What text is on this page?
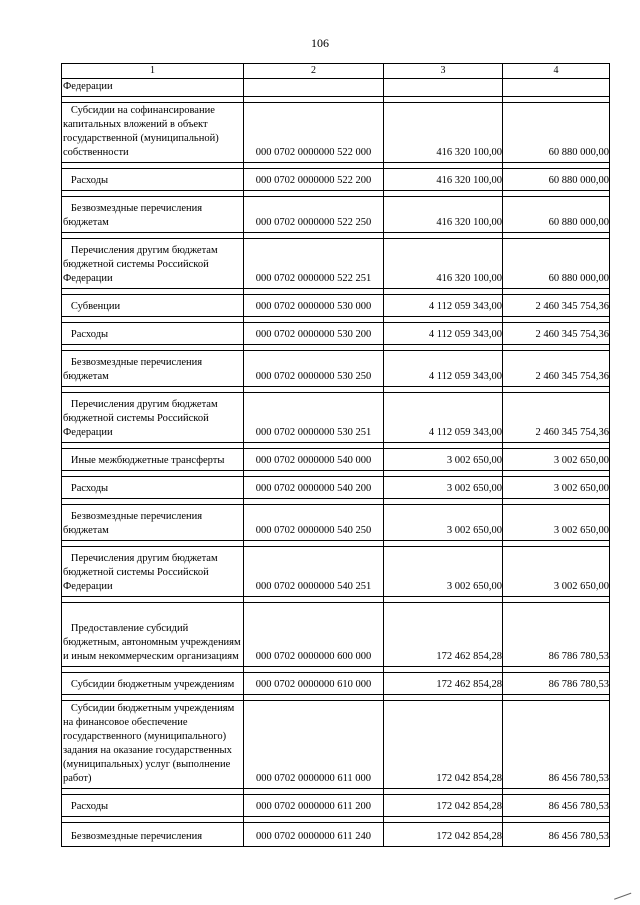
106
1	2	3	4
Федерации			

Субсидии на софинансирование капитальных вложений в объект государственной (муниципальной) собственности	000 0702 0000000 522 000	416 320 100,00	60 880 000,00

Расходы	000 0702 0000000 522 200	416 320 100,00	60 880 000,00

Безвозмездные перечисления бюджетам	000 0702 0000000 522 250	416 320 100,00	60 880 000,00

Перечисления другим бюджетам бюджетной системы Российской Федерации	000 0702 0000000 522 251	416 320 100,00	60 880 000,00

Субвенции	000 0702 0000000 530 000	4 112 059 343,00	2 460 345 754,36

Расходы	000 0702 0000000 530 200	4 112 059 343,00	2 460 345 754,36

Безвозмездные перечисления бюджетам	000 0702 0000000 530 250	4 112 059 343,00	2 460 345 754,36

Перечисления другим бюджетам бюджетной системы Российской Федерации	000 0702 0000000 530 251	4 112 059 343,00	2 460 345 754,36

Иные межбюджетные трансферты	000 0702 0000000 540 000	3 002 650,00	3 002 650,00

Расходы	000 0702 0000000 540 200	3 002 650,00	3 002 650,00

Безвозмездные перечисления бюджетам	000 0702 0000000 540 250	3 002 650,00	3 002 650,00

Перечисления другим бюджетам бюджетной системы Российской Федерации	000 0702 0000000 540 251	3 002 650,00	3 002 650,00

Предоставление субсидий бюджетным, автономным учреждениям и иным некоммерческим организациям	000 0702 0000000 600 000	172 462 854,28	86 786 780,53

Субсидии бюджетным учреждениям	000 0702 0000000 610 000	172 462 854,28	86 786 780,53

Субсидии бюджетным учреждениям на финансовое обеспечение государственного (муниципального) задания на оказание государственных (муниципальных) услуг (выполнение работ)	000 0702 0000000 611 000	172 042 854,28	86 456 780,53

Расходы	000 0702 0000000 611 200	172 042 854,28	86 456 780,53

Безвозмездные перечисления	000 0702 0000000 611 240	172 042 854,28	86 456 780,53
